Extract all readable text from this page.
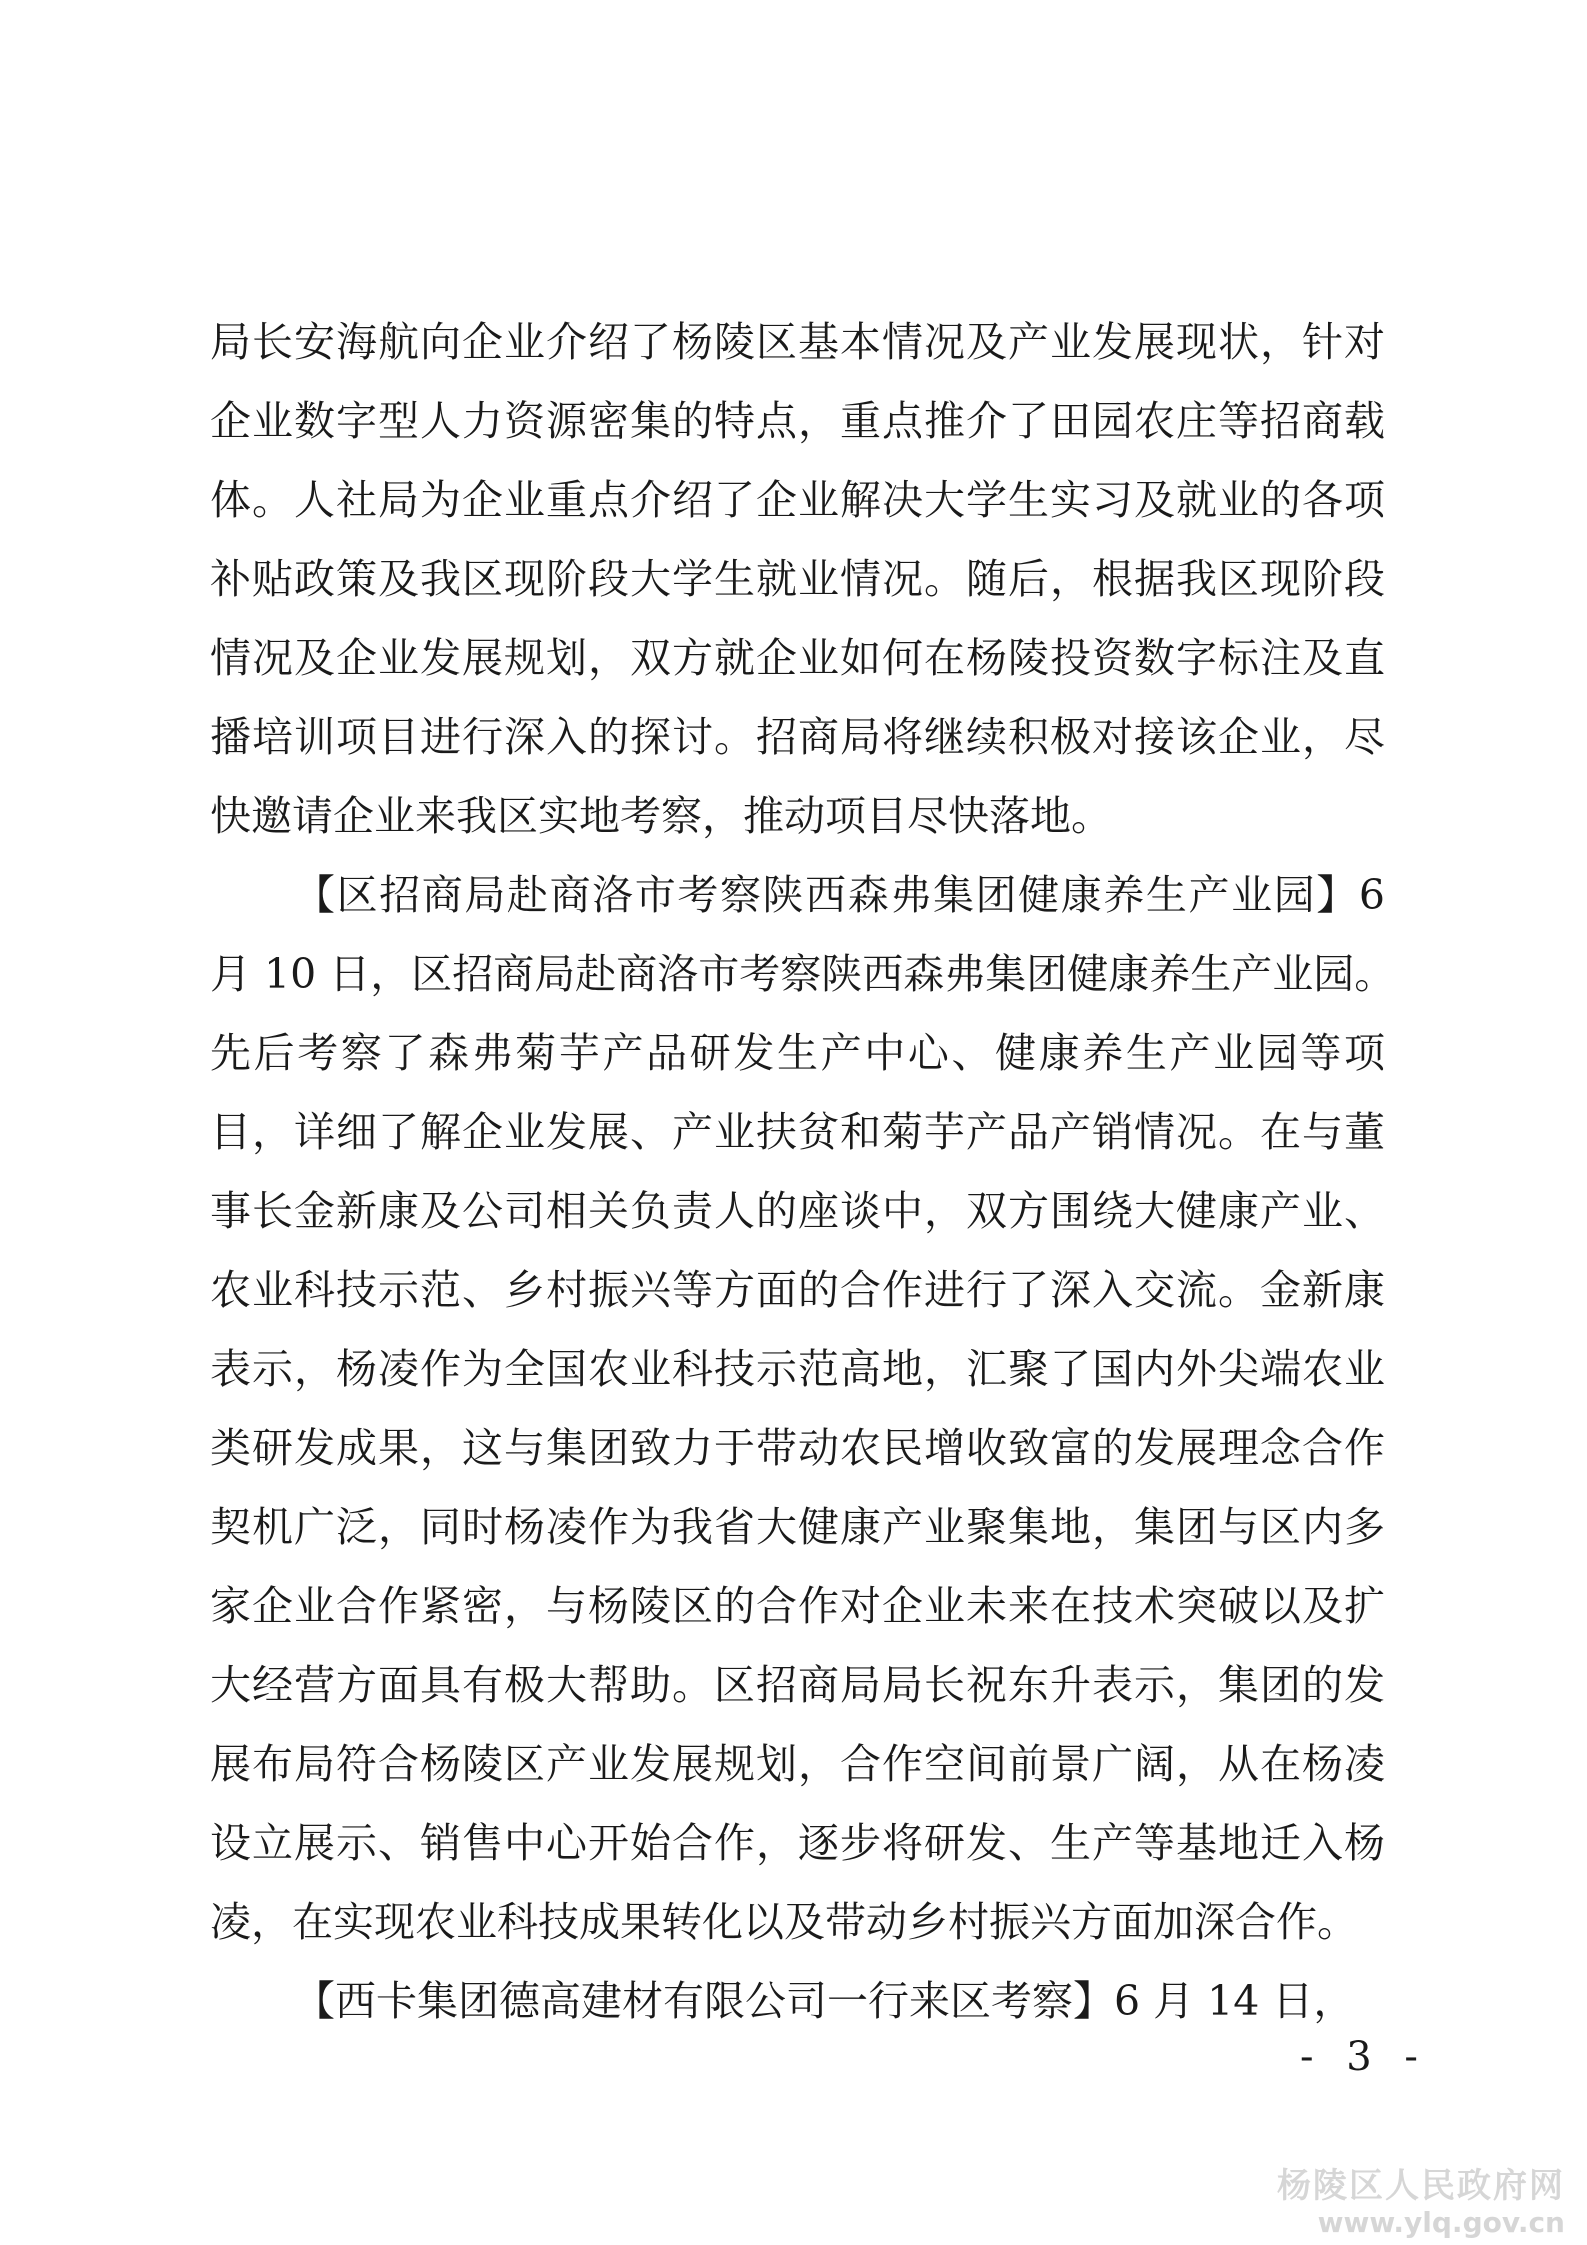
局长安海航向企业介绍了杨陵区基本情况及产业发展现状，针对
企业数字型人力资源密集的特点，重点推介了田园农庄等招商载
体。人社局为企业重点介绍了企业解决大学生实习及就业的各项
补贴政策及我区现阶段大学生就业情况。随后，根据我区现阶段
情况及企业发展规划，双方就企业如何在杨陵投资数字标注及直
播培训项目进行深入的探讨。招商局将继续积极对接该企业，尽
快邀请企业来我区实地考察，推动项目尽快落地。
【区招商局赴商洛市考察陕西森弗集团健康养生产业园】6
月 10 日，区招商局赴商洛市考察陕西森弗集团健康养生产业园。
先后考察了森弗菊芋产品研发生产中心、健康养生产业园等项
目，详细了解企业发展、产业扶贫和菊芋产品产销情况。在与董
事长金新康及公司相关负责人的座谈中，双方围绕大健康产业、
农业科技示范、乡村振兴等方面的合作进行了深入交流。金新康
表示，杨凌作为全国农业科技示范高地，汇聚了国内外尖端农业
类研发成果，这与集团致力于带动农民增收致富的发展理念合作
契机广泛，同时杨凌作为我省大健康产业聚集地，集团与区内多
家企业合作紧密，与杨陵区的合作对企业未来在技术突破以及扩
大经营方面具有极大帮助。区招商局局长祝东升表示，集团的发
展布局符合杨陵区产业发展规划，合作空间前景广阔，从在杨凌
设立展示、销售中心开始合作，逐步将研发、生产等基地迁入杨
凌，在实现农业科技成果转化以及带动乡村振兴方面加深合作。
【西卡集团德高建材有限公司一行来区考察】6 月 14 日，
- 3 -
杨陵区人民政府网
www.ylq.gov.cn
